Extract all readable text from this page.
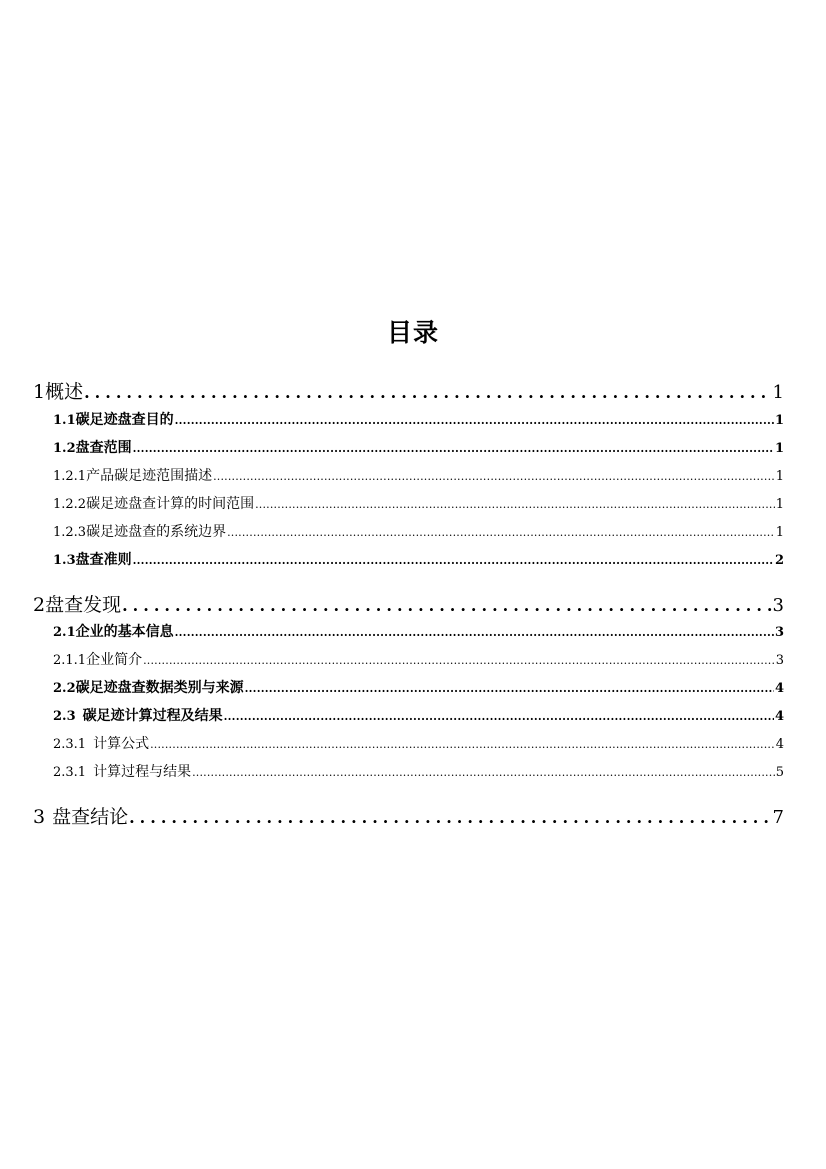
目录
1 概述 .....	1
1.1 碳足迹盘查目的 .....	1
1.2 盘查范围 .....	1
1.2.1 产品碳足迹范围描述 .....	1
1.2.2 碳足迹盘查计算的时间范围 .....	1
1.2.3 碳足迹盘查的系统边界 .....	1
1.3 盘查准则 .....	2
2 盘查发现 .....	3
2.1 企业的基本信息 .....	3
2.1.1 企业简介 .....	3
2.2 碳足迹盘查数据类别与来源 .....	4
2.3 碳足迹计算过程及结果 .....	4
2.3.1 计算公式 .....	4
2.3.1 计算过程与结果 .....	5
3 盘查结论 .....	7
